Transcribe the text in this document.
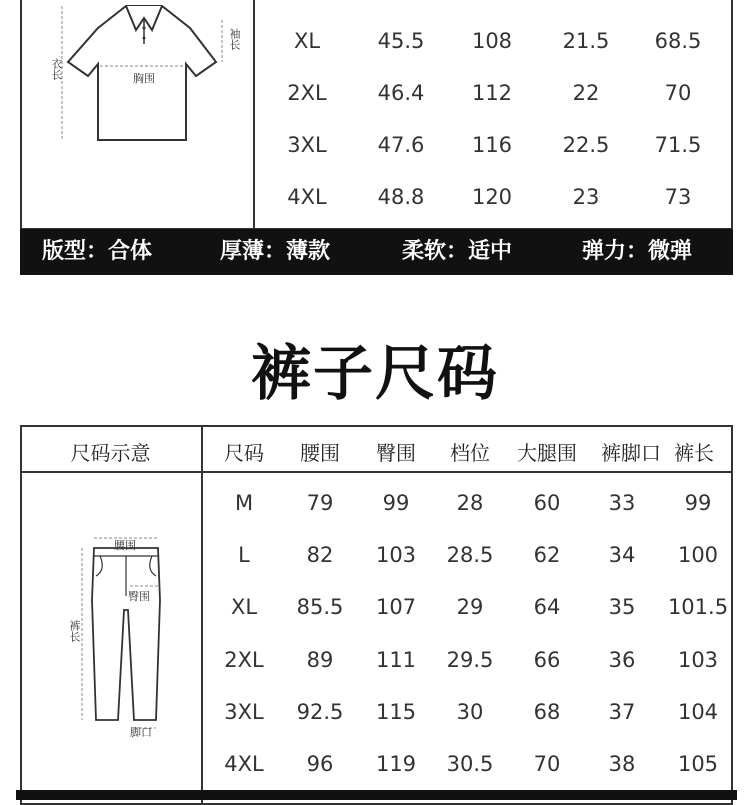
衣长
袖长
胸围
XL	45.5	108	21.5	68.5
2XL	46.4	112	22	70
3XL	47.6	116	22.5	71.5
4XL	48.8	120	23	73
版型：合体	厚薄：薄款	柔软：适中	弹力：微弹
裤子尺码
尺码示意	尺码	腰围	臀围	档位	大腿围	裤脚口 裤长
腰围
臀围
裤长
脚口
M	79	99	28	60	33	99
L	82	103	28.5	62	34	100
XL	85.5	107	29	64	35	101.5
2XL	89	111	29.5	66	36	103
3XL	92.5	115	30	68	37	104
4XL	96	119	30.5	70	38	105
